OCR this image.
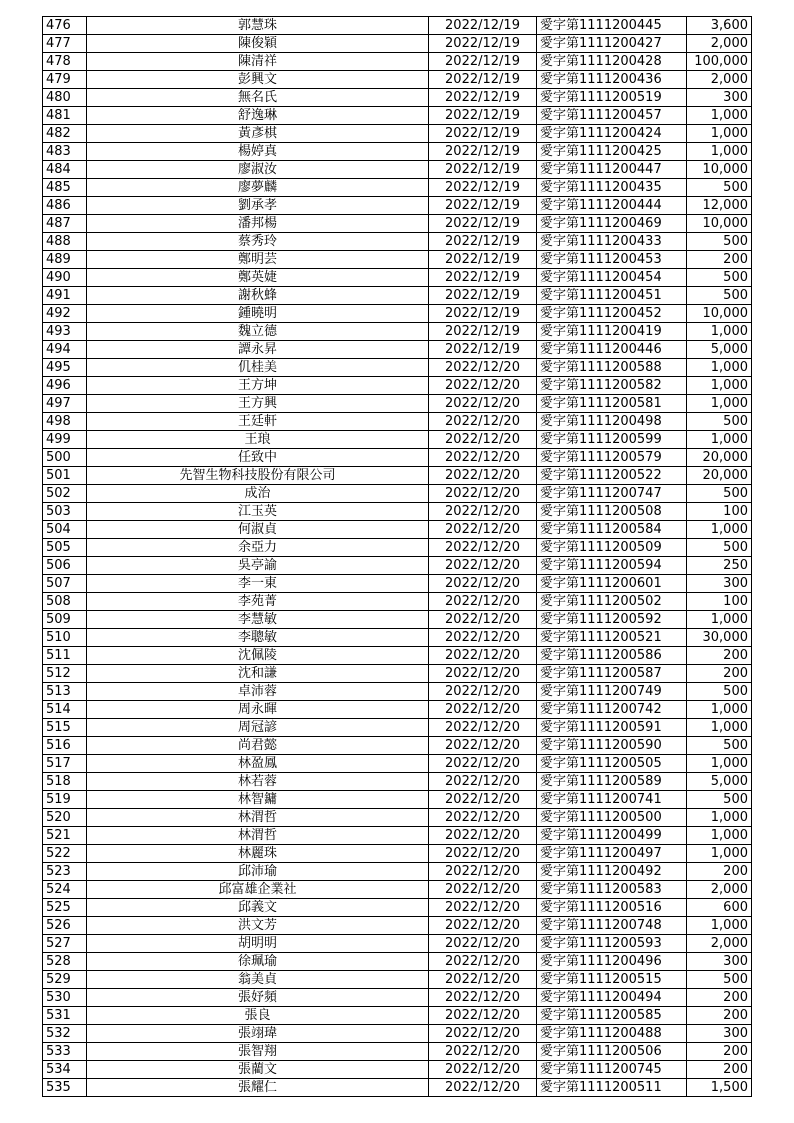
476	郭慧珠	2022/12/19	愛字第1111200445	3,600
477	陳俊穎	2022/12/19	愛字第1111200427	2,000
478	陳清祥	2022/12/19	愛字第1111200428	100,000
479	彭興文	2022/12/19	愛字第1111200436	2,000
480	無名氏	2022/12/19	愛字第1111200519	300
481	舒逸琳	2022/12/19	愛字第1111200457	1,000
482	黃彥棋	2022/12/19	愛字第1111200424	1,000
483	楊婷真	2022/12/19	愛字第1111200425	1,000
484	廖淑汝	2022/12/19	愛字第1111200447	10,000
485	廖夢麟	2022/12/19	愛字第1111200435	500
486	劉承孝	2022/12/19	愛字第1111200444	12,000
487	潘邦楊	2022/12/19	愛字第1111200469	10,000
488	蔡秀玲	2022/12/19	愛字第1111200433	500
489	鄭明芸	2022/12/19	愛字第1111200453	200
490	鄭英婕	2022/12/19	愛字第1111200454	500
491	謝秋蜂	2022/12/19	愛字第1111200451	500
492	鍾曉明	2022/12/19	愛字第1111200452	10,000
493	魏立德	2022/12/19	愛字第1111200419	1,000
494	譚永昇	2022/12/19	愛字第1111200446	5,000
495	仉桂美	2022/12/20	愛字第1111200588	1,000
496	王方坤	2022/12/20	愛字第1111200582	1,000
497	王方興	2022/12/20	愛字第1111200581	1,000
498	王廷軒	2022/12/20	愛字第1111200498	500
499	王琅	2022/12/20	愛字第1111200599	1,000
500	任致中	2022/12/20	愛字第1111200579	20,000
501	先智生物科技股份有限公司	2022/12/20	愛字第1111200522	20,000
502	成治	2022/12/20	愛字第1111200747	500
503	江玉英	2022/12/20	愛字第1111200508	100
504	何淑貞	2022/12/20	愛字第1111200584	1,000
505	余亞力	2022/12/20	愛字第1111200509	500
506	吳亭諭	2022/12/20	愛字第1111200594	250
507	李一東	2022/12/20	愛字第1111200601	300
508	李苑菁	2022/12/20	愛字第1111200502	100
509	李慧敏	2022/12/20	愛字第1111200592	1,000
510	李聰敏	2022/12/20	愛字第1111200521	30,000
511	沈佩陵	2022/12/20	愛字第1111200586	200
512	沈和謙	2022/12/20	愛字第1111200587	200
513	卓沛蓉	2022/12/20	愛字第1111200749	500
514	周永暉	2022/12/20	愛字第1111200742	1,000
515	周冠諺	2022/12/20	愛字第1111200591	1,000
516	尚君懿	2022/12/20	愛字第1111200590	500
517	林盈鳳	2022/12/20	愛字第1111200505	1,000
518	林若蓉	2022/12/20	愛字第1111200589	5,000
519	林智鏞	2022/12/20	愛字第1111200741	500
520	林渭哲	2022/12/20	愛字第1111200500	1,000
521	林渭哲	2022/12/20	愛字第1111200499	1,000
522	林麗珠	2022/12/20	愛字第1111200497	1,000
523	邱沛瑜	2022/12/20	愛字第1111200492	200
524	邱富雄企業社	2022/12/20	愛字第1111200583	2,000
525	邱義文	2022/12/20	愛字第1111200516	600
526	洪文芳	2022/12/20	愛字第1111200748	1,000
527	胡明明	2022/12/20	愛字第1111200593	2,000
528	徐珮瑜	2022/12/20	愛字第1111200496	300
529	翁美貞	2022/12/20	愛字第1111200515	500
530	張妤頻	2022/12/20	愛字第1111200494	200
531	張良	2022/12/20	愛字第1111200585	200
532	張翊瑋	2022/12/20	愛字第1111200488	300
533	張智翔	2022/12/20	愛字第1111200506	200
534	張藺文	2022/12/20	愛字第1111200745	200
535	張耀仁	2022/12/20	愛字第1111200511	1,500
